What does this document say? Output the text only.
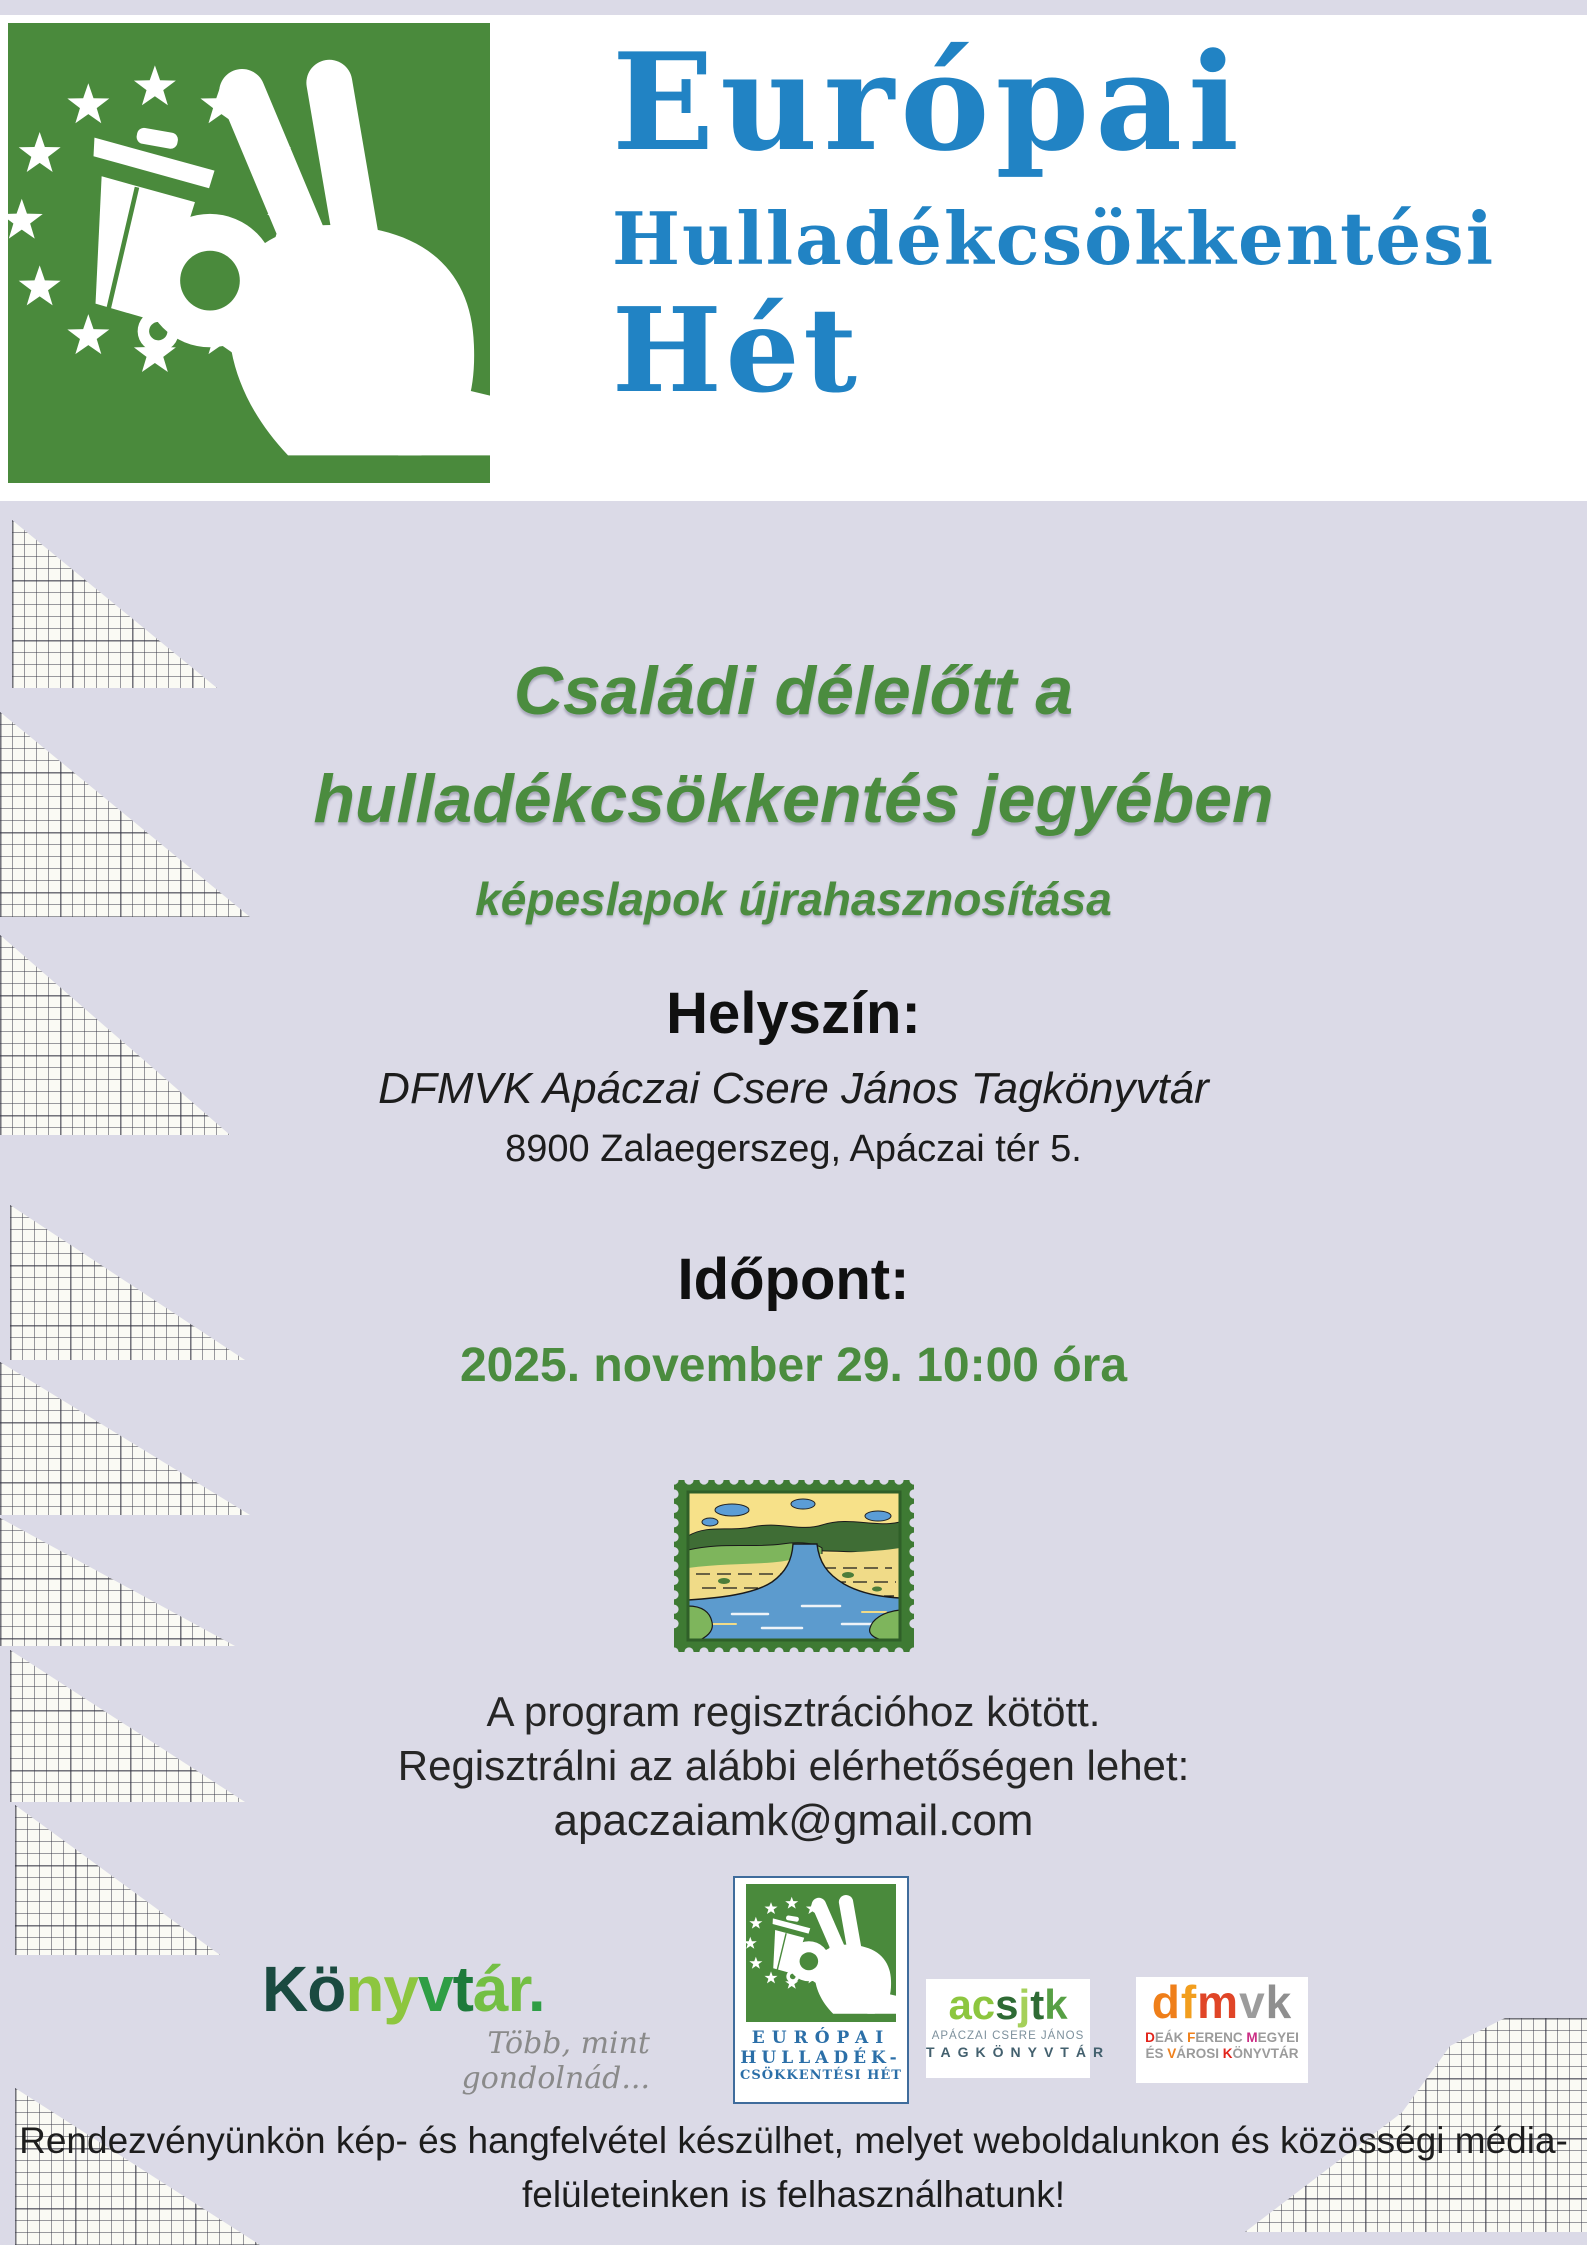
Európai
Hulladékcsökkentési
Hét
Családi délelőtt a
hulladékcsökkentés jegyében
képeslapok újrahasznosítása
Helyszín:
DFMVK Apáczai Csere János Tagkönyvtár
8900 Zalaegerszeg, Apáczai tér 5.
Időpont:
2025. november 29. 10:00 óra
A program regisztrációhoz kötött.
Regisztrálni az alábbi elérhetőségen lehet:
apaczaiamk@gmail.com
Könyvtár.
Több, mint gondolnád...
EURÓPAI
HULLADÉK-
CSÖKKENTÉSI HÉT
acsjtk
APÁCZAI CSERE JÁNOS
TAGKÖNYVTÁR
dfmvk
DEÁK FERENC MEGYEI
ÉS VÁROSI KÖNYVTÁR
Rendezvényünkön kép- és hangfelvétel készülhet, melyet weboldalunkon és közösségi média-
felületeinken is felhasználhatunk!
